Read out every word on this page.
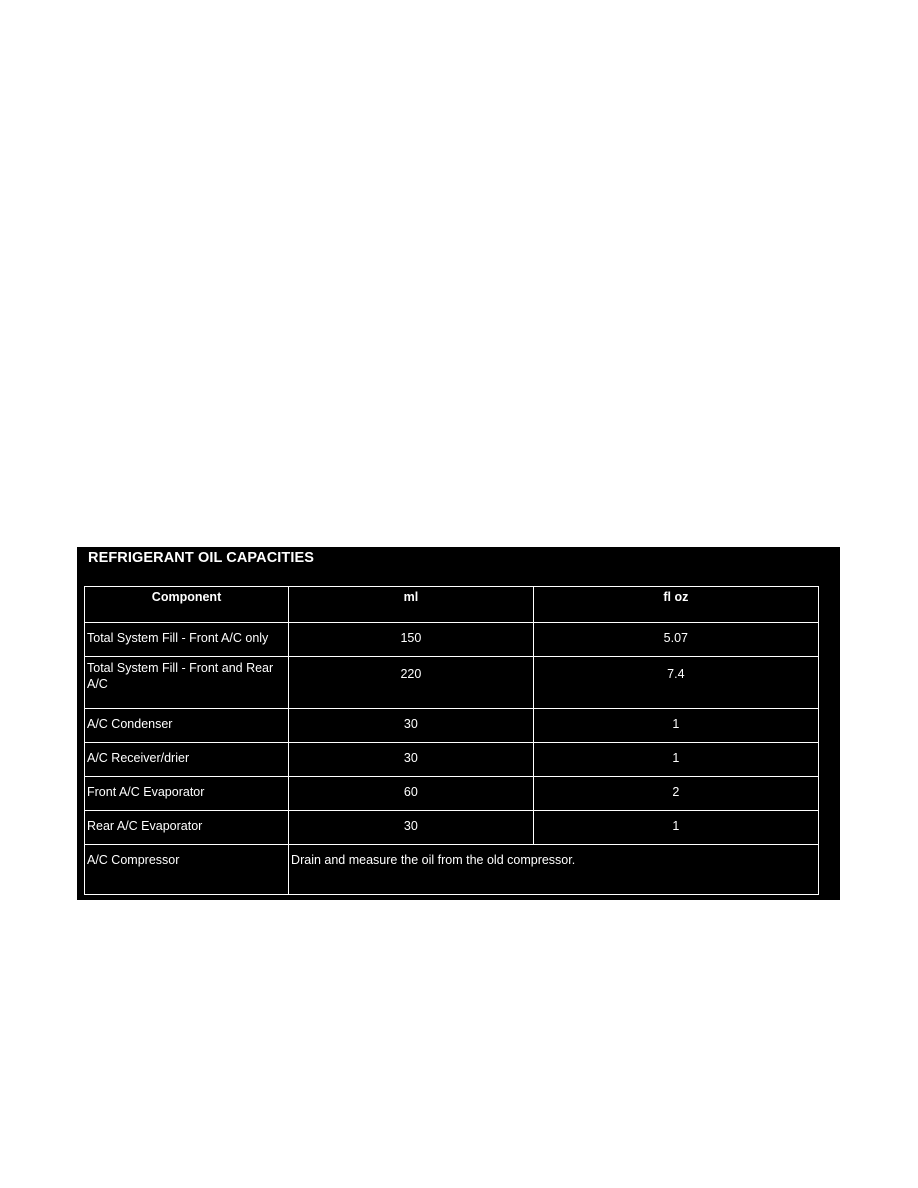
REFRIGERANT OIL CAPACITIES
Component	ml	fl oz
Total System Fill - Front A/C only	150	5.07
Total System Fill - Front and Rear A/C	220	7.4
A/C Condenser	30	1
A/C Receiver/drier	30	1
Front A/C Evaporator	60	2
Rear A/C Evaporator	30	1
A/C Compressor	Drain and measure the oil from the old compressor.	
